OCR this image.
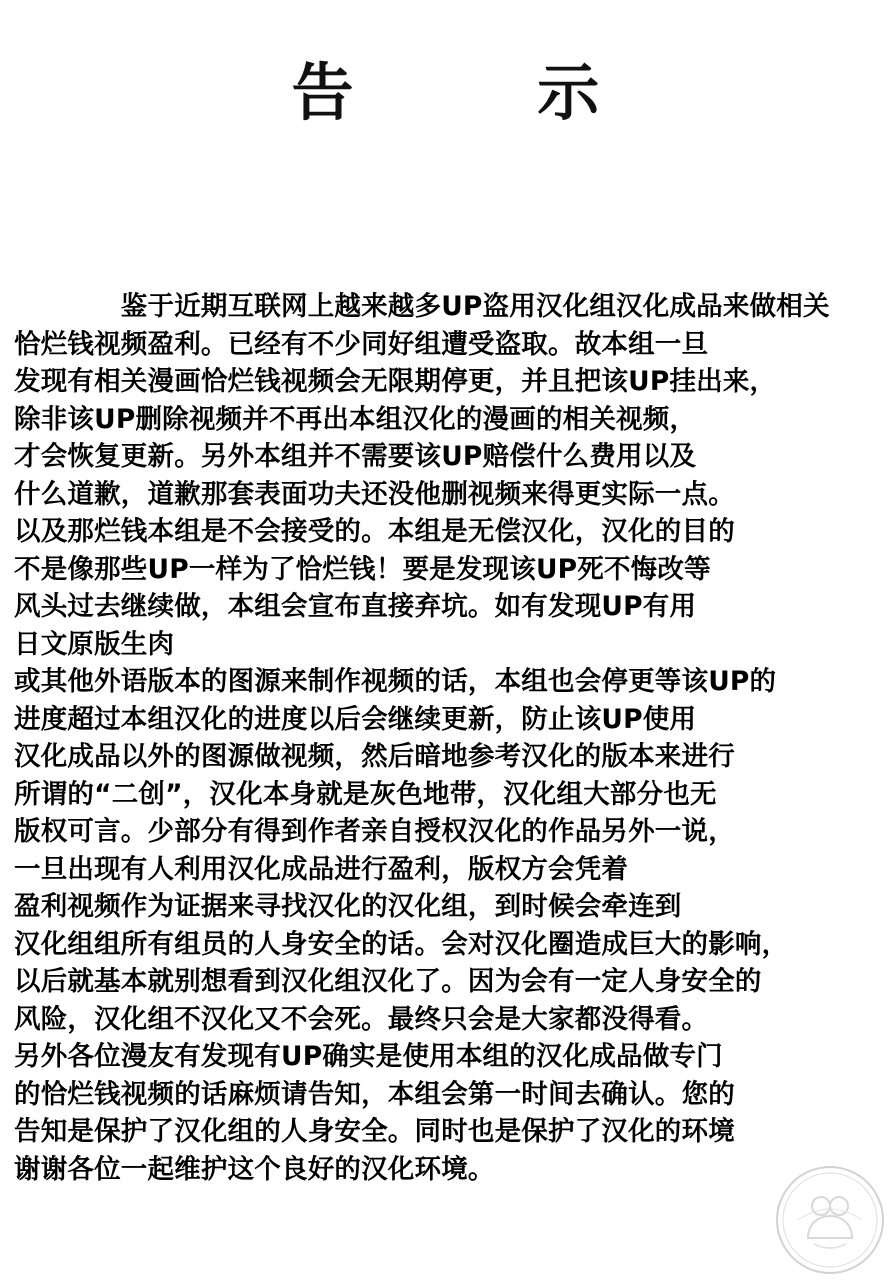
告        示

　　　　鉴于近期互联网上越来越多UP盗用汉化组汉化成品来做相关

恰烂钱视频盈利。已经有不少同好组遭受盗取。故本组一旦

发现有相关漫画恰烂钱视频会无限期停更，并且把该UP挂出来，

除非该UP删除视频并不再出本组汉化的漫画的相关视频，

才会恢复更新。另外本组并不需要该UP赔偿什么费用以及

什么道歉，道歉那套表面功夫还没他删视频来得更实际一点。

以及那烂钱本组是不会接受的。本组是无偿汉化，汉化的目的

不是像那些UP一样为了恰烂钱！要是发现该UP死不悔改等

风头过去继续做，本组会宣布直接弃坑。如有发现UP有用

日文原版生肉

或其他外语版本的图源来制作视频的话，本组也会停更等该UP的

进度超过本组汉化的进度以后会继续更新，防止该UP使用

汉化成品以外的图源做视频，然后暗地参考汉化的版本来进行

所谓的“二创”，汉化本身就是灰色地带，汉化组大部分也无

版权可言。少部分有得到作者亲自授权汉化的作品另外一说，

一旦出现有人利用汉化成品进行盈利，版权方会凭着

盈利视频作为证据来寻找汉化的汉化组，到时候会牵连到

汉化组组所有组员的人身安全的话。会对汉化圈造成巨大的影响，

以后就基本就别想看到汉化组汉化了。因为会有一定人身安全的

风险，汉化组不汉化又不会死。最终只会是大家都没得看。

另外各位漫友有发现有UP确实是使用本组的汉化成品做专门

的恰烂钱视频的话麻烦请告知，本组会第一时间去确认。您的

告知是保护了汉化组的人身安全。同时也是保护了汉化的环境

谢谢各位一起维护这个良好的汉化环境。
